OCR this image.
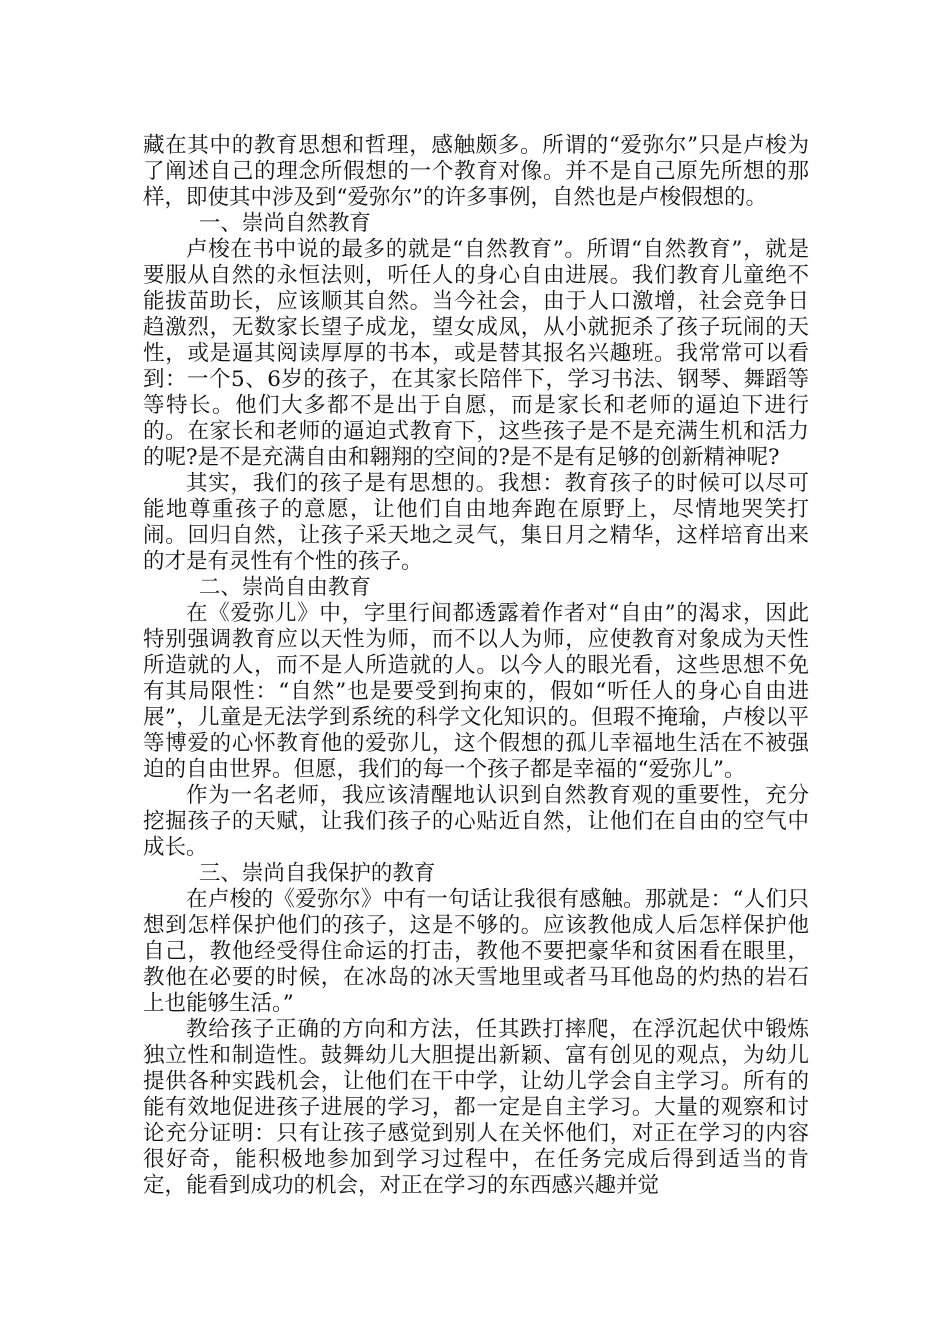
藏在其中的教育思想和哲理，感触颇多。所谓的“爱弥尔”只是卢梭为了阐述自己的理念所假想的一个教育对像。并不是自己原先所想的那样，即使其中涉及到“爱弥尔”的许多事例，自然也是卢梭假想的。

一、崇尚自然教育

卢梭在书中说的最多的就是“自然教育”。所谓“自然教育”，就是要服从自然的永恒法则，听任人的身心自由进展。我们教育儿童绝不能拔苗助长，应该顺其自然。当今社会，由于人口激增，社会竞争日趋激烈，无数家长望子成龙，望女成凤，从小就扼杀了孩子玩闹的天性，或是逼其阅读厚厚的书本，或是替其报名兴趣班。我常常可以看到：一个5、6岁的孩子，在其家长陪伴下，学习书法、钢琴、舞蹈等等特长。他们大多都不是出于自愿，而是家长和老师的逼迫下进行的。在家长和老师的逼迫式教育下，这些孩子是不是充满生机和活力的呢?是不是充满自由和翱翔的空间的?是不是有足够的创新精神呢?

其实，我们的孩子是有思想的。我想：教育孩子的时候可以尽可能地尊重孩子的意愿，让他们自由地奔跑在原野上，尽情地哭笑打闹。回归自然，让孩子采天地之灵气，集日月之精华，这样培育出来的才是有灵性有个性的孩子。

二、崇尚自由教育

在《爱弥儿》中，字里行间都透露着作者对“自由”的渴求，因此特别强调教育应以天性为师，而不以人为师，应使教育对象成为天性所造就的人，而不是人所造就的人。以今人的眼光看，这些思想不免有其局限性：“自然”也是要受到拘束的，假如“听任人的身心自由进展”，儿童是无法学到系统的科学文化知识的。但瑕不掩瑜，卢梭以平等博爱的心怀教育他的爱弥儿，这个假想的孤儿幸福地生活在不被强迫的自由世界。但愿，我们的每一个孩子都是幸福的“爱弥儿”。

作为一名老师，我应该清醒地认识到自然教育观的重要性，充分挖掘孩子的天赋，让我们孩子的心贴近自然，让他们在自由的空气中成长。

三、崇尚自我保护的教育

在卢梭的《爱弥尔》中有一句话让我很有感触。那就是：“人们只想到怎样保护他们的孩子，这是不够的。应该教他成人后怎样保护他自己，教他经受得住命运的打击，教他不要把豪华和贫困看在眼里，教他在必要的时候，在冰岛的冰天雪地里或者马耳他岛的灼热的岩石上也能够生活。”

教给孩子正确的方向和方法，任其跌打摔爬，在浮沉起伏中锻炼独立性和制造性。鼓舞幼儿大胆提出新颖、富有创见的观点，为幼儿提供各种实践机会，让他们在干中学，让幼儿学会自主学习。所有的能有效地促进孩子进展的学习，都一定是自主学习。大量的观察和讨论充分证明：只有让孩子感觉到别人在关怀他们，对正在学习的内容很好奇，能积极地参加到学习过程中，在任务完成后得到适当的肯定，能看到成功的机会，对正在学习的东西感兴趣并觉
